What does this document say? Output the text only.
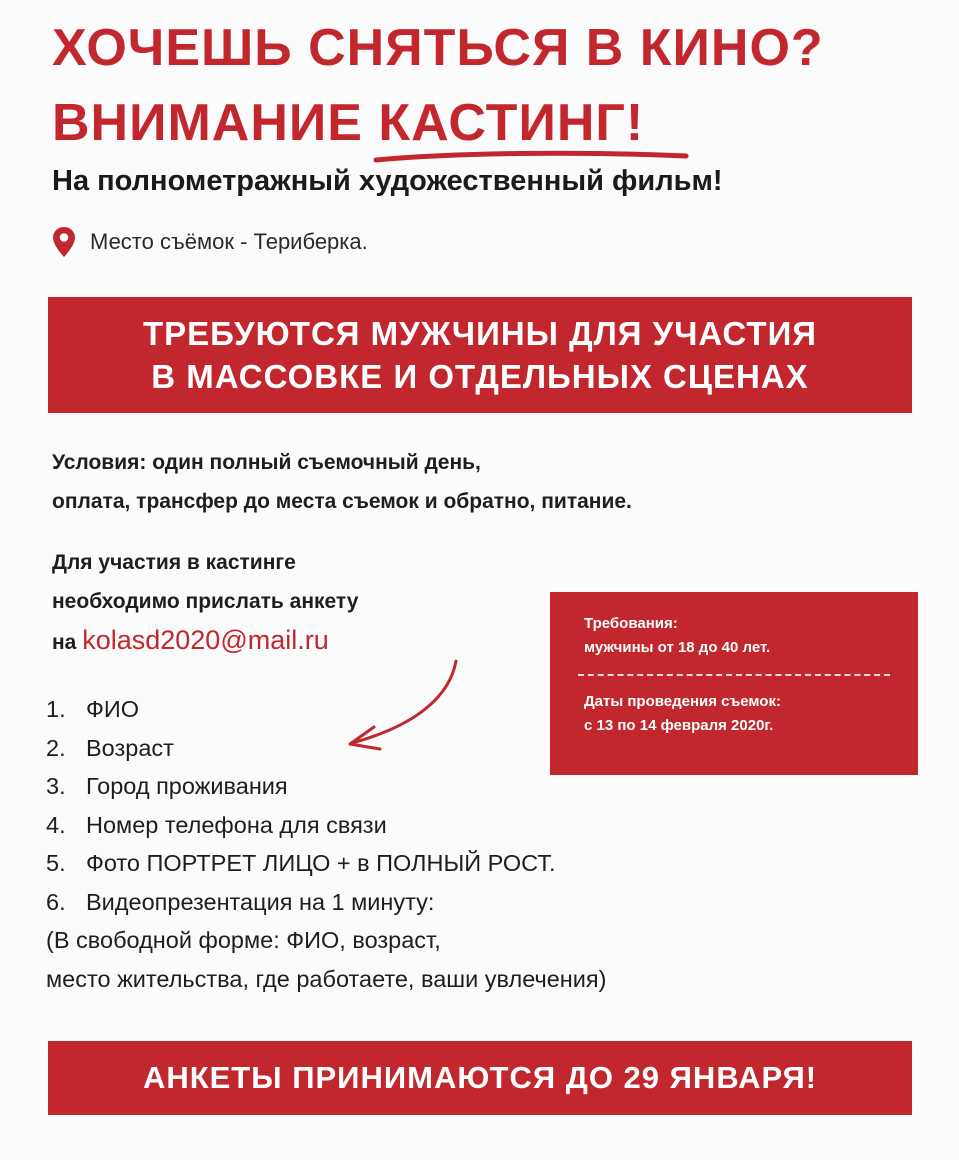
ХОЧЕШЬ СНЯТЬСЯ В КИНО?
ВНИМАНИЕ КАСТИНГ!
На полнометражный художественный фильм!
Место съёмок - Териберка.
ТРЕБУЮТСЯ МУЖЧИНЫ ДЛЯ УЧАСТИЯ
В МАССОВКЕ И ОТДЕЛЬНЫХ СЦЕНАХ
Условия: один полный съемочный день,
оплата, трансфер до места съемок и обратно, питание.
Для участия в кастинге
необходимо прислать анкету
на kolasd2020@mail.ru
Требования:
мужчины от 18 до 40 лет.
Даты проведения съемок:
с 13 по 14 февраля 2020г.
1. ФИО
2. Возраст
3. Город проживания
4. Номер телефона для связи
5. Фото ПОРТРЕТ ЛИЦО + в ПОЛНЫЙ РОСТ.
6. Видеопрезентация на 1 минуту:
(В свободной форме: ФИО, возраст,
место жительства, где работаете, ваши увлечения)
АНКЕТЫ ПРИНИМАЮТСЯ ДО 29 ЯНВАРЯ!
